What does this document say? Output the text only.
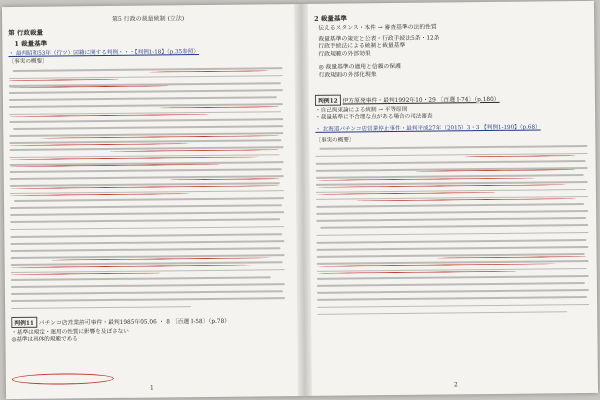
第5 行政の裁量統制 (立法)
第 行政裁量
1 裁量基準
・ 最判昭和53年（行ツ）国籍に関する判例・・・【判例1-18】（p.35参照）
〔事実の概要〕
判例11 パチンコ店営業許可事件・最判1985年05.06 ・ 8 〔百選 I-58〕（p.78）
・基準は規定・運用の性質に影響を及ぼさない
◎基準は具体的規範である
1
2 裁量基準
伝えるスタンス・本件 → 審査基準の法的性質
裁量基準の策定と公表・行政手続法5条・12条
行政手続法による統制と裁量基準
行政規範の外部効果
◎ 裁量基準の適用と信頼の保護
行政規則の外部化現象
判例12 伊方原発事件・最判1992年10・29 〔百選 I-74〕（p.180）
・自己拘束論による統制 → 平等原則
・裁量基準に不合理な点がある場合の司法審査
・ 北海道パチンコ店営業停止事件・最判平成27年（2015）3・3 【判例1-190】（p.68）
〔事実の概要〕
2
